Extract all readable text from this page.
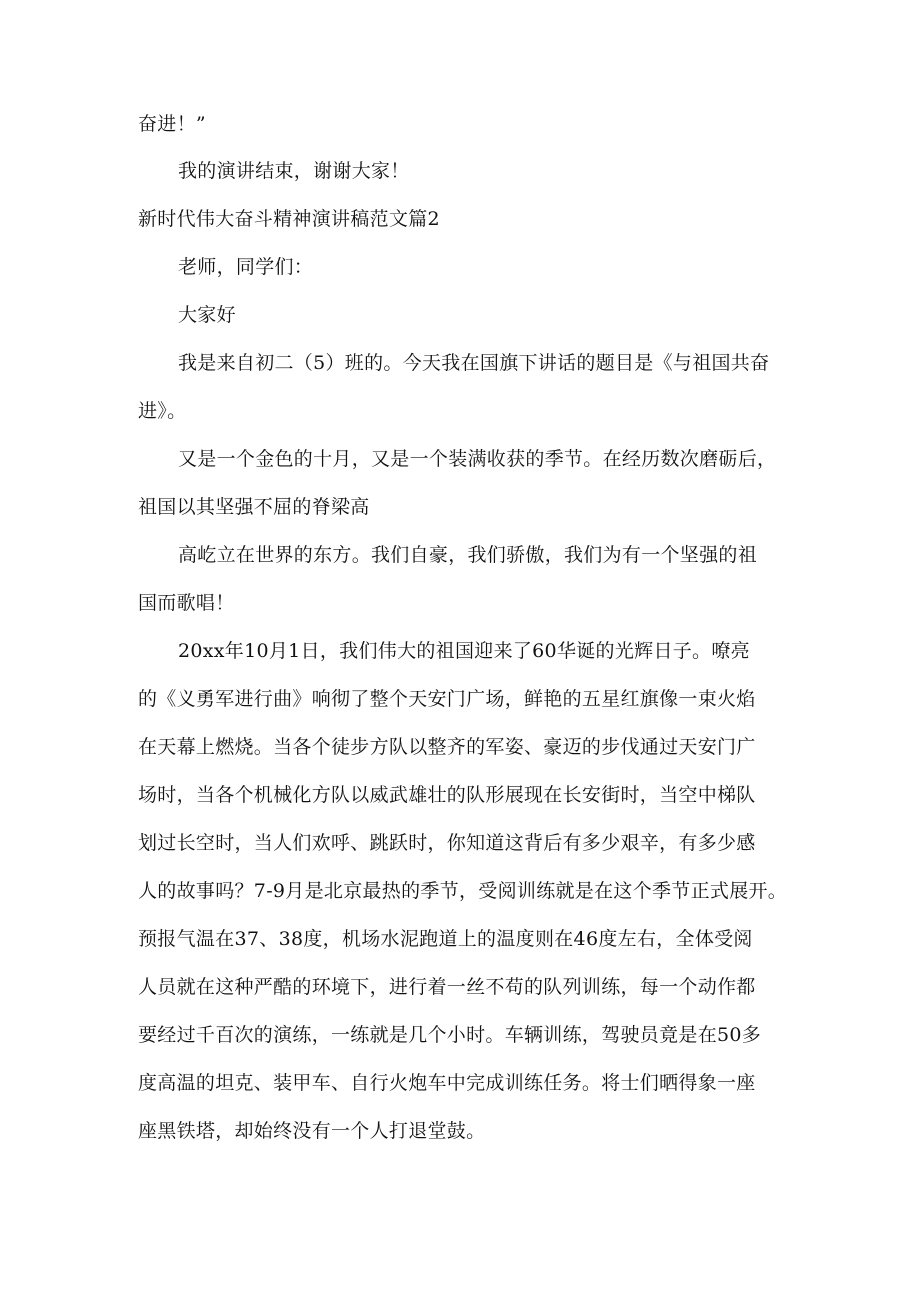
奋进！”
我的演讲结束，谢谢大家！
新时代伟大奋斗精神演讲稿范文篇2
老师，同学们：
大家好
我是来自初二（5）班的。今天我在国旗下讲话的题目是《与祖国共奋
进》。
又是一个金色的十月，又是一个装满收获的季节。在经历数次磨砺后，
祖国以其坚强不屈的脊梁高
高屹立在世界的东方。我们自豪，我们骄傲，我们为有一个坚强的祖
国而歌唱！
20xx年10月1日，我们伟大的祖国迎来了60华诞的光辉日子。嘹亮
的《义勇军进行曲》响彻了整个天安门广场，鲜艳的五星红旗像一束火焰
在天幕上燃烧。当各个徒步方队以整齐的军姿、豪迈的步伐通过天安门广
场时，当各个机械化方队以威武雄壮的队形展现在长安街时，当空中梯队
划过长空时，当人们欢呼、跳跃时，你知道这背后有多少艰辛，有多少感
人的故事吗？7-9月是北京最热的季节，受阅训练就是在这个季节正式展开。
预报气温在37、38度，机场水泥跑道上的温度则在46度左右，全体受阅
人员就在这种严酷的环境下，进行着一丝不苟的队列训练，每一个动作都
要经过千百次的演练，一练就是几个小时。车辆训练，驾驶员竟是在50多
度高温的坦克、装甲车、自行火炮车中完成训练任务。将士们晒得象一座
座黑铁塔，却始终没有一个人打退堂鼓。
